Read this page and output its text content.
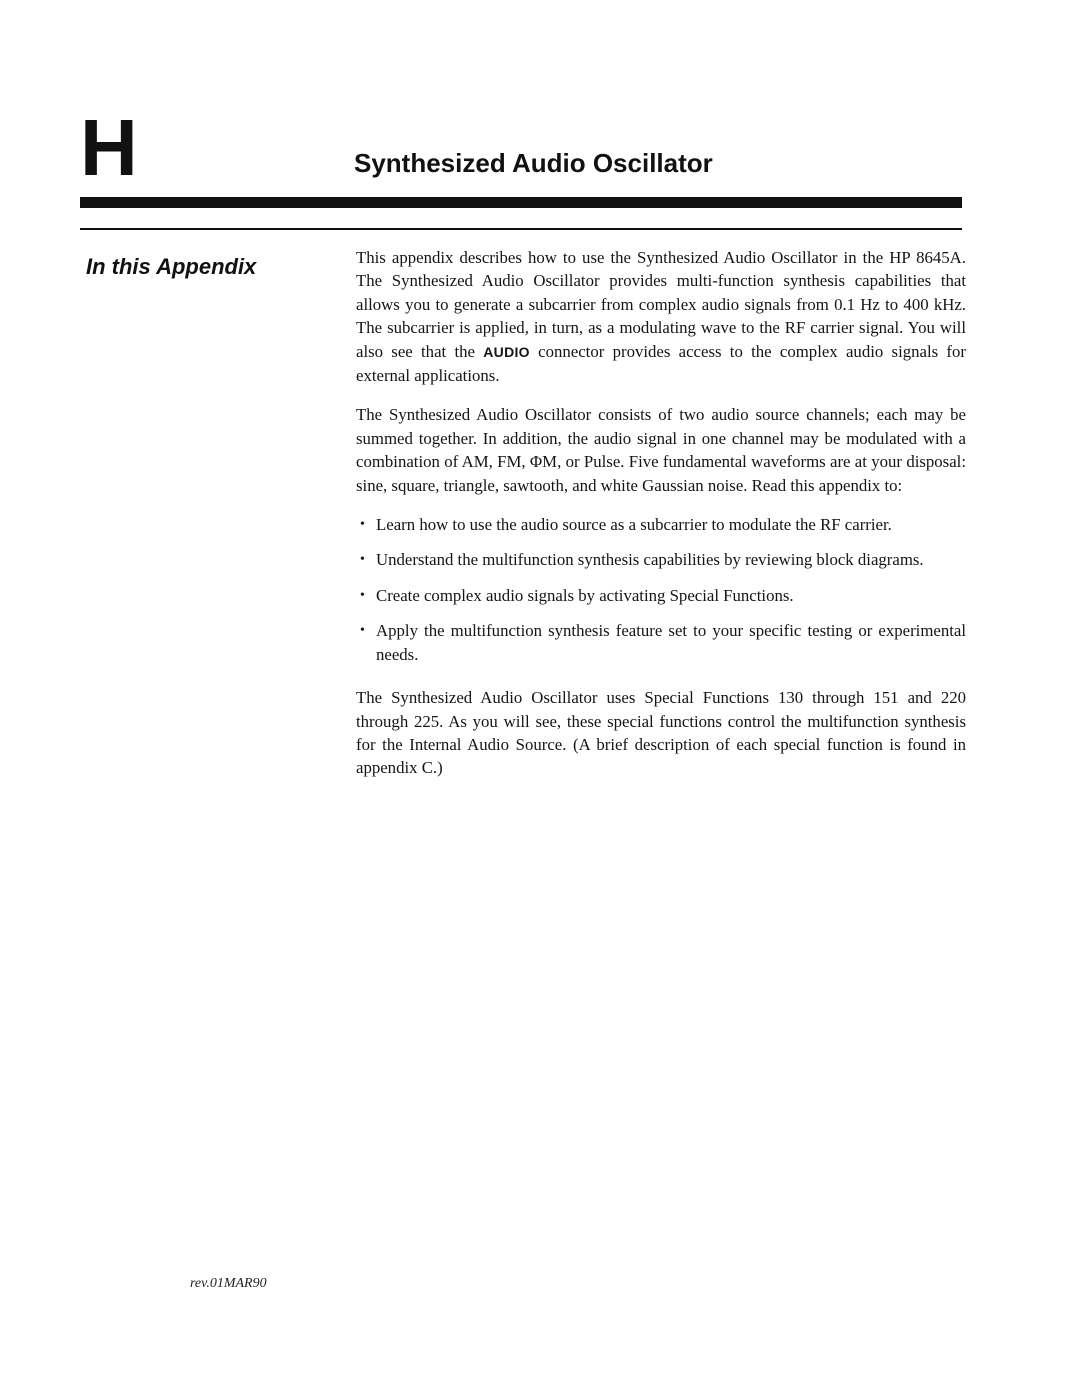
H	Synthesized Audio Oscillator
In this Appendix	This appendix describes how to use the Synthesized Audio Oscillator in the HP 8645A. The Synthesized Audio Oscillator provides multi-function synthesis capabilities that allows you to generate a subcarrier from complex audio signals from 0.1 Hz to 400 kHz. The subcarrier is applied, in turn, as a modulating wave to the RF carrier signal. You will also see that the AUDIO connector provides access to the complex audio signals for external applications.

The Synthesized Audio Oscillator consists of two audio source channels; each may be summed together. In addition, the audio signal in one channel may be modulated with a combination of AM, FM, ΦM, or Pulse. Five fundamental waveforms are at your disposal: sine, square, triangle, sawtooth, and white Gaussian noise. Read this appendix to:

• Learn how to use the audio source as a subcarrier to modulate the RF carrier.
• Understand the multifunction synthesis capabilities by reviewing block diagrams.
• Create complex audio signals by activating Special Functions.
• Apply the multifunction synthesis feature set to your specific testing or experimental needs.

The Synthesized Audio Oscillator uses Special Functions 130 through 151 and 220 through 225. As you will see, these special functions control the multifunction synthesis for the Internal Audio Source. (A brief description of each special function is found in appendix C.)

rev.01MAR90
